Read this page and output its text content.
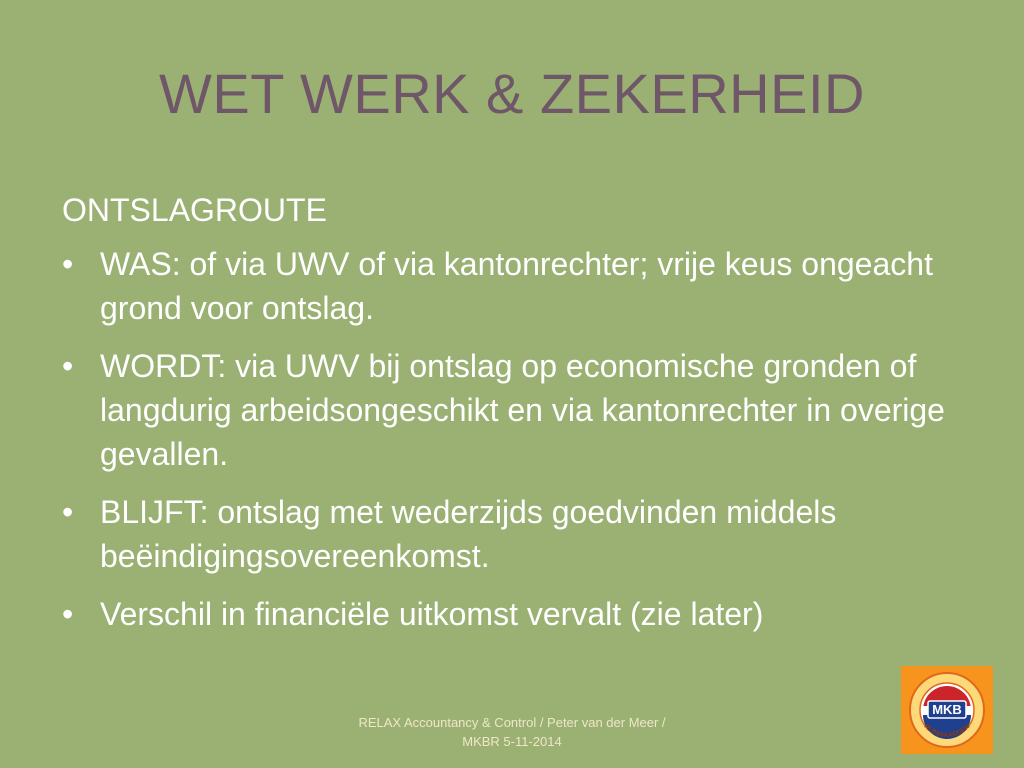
WET WERK & ZEKERHEID
ONTSLAGROUTE
• WAS: of via UWV of via kantonrechter; vrije keus ongeacht grond voor ontslag.
• WORDT: via UWV bij ontslag op economische gronden of langdurig arbeidsongeschikt en via kantonrechter in overige gevallen.
• BLIJFT: ontslag met wederzijds goedvinden middels beëindigingsovereenkomst.
• Verschil in financiële uitkomst vervalt (zie later)
RELAX Accountancy & Control / Peter van der Meer / MKBR 5-11-2014
MKB
RIJNWAARDEN
